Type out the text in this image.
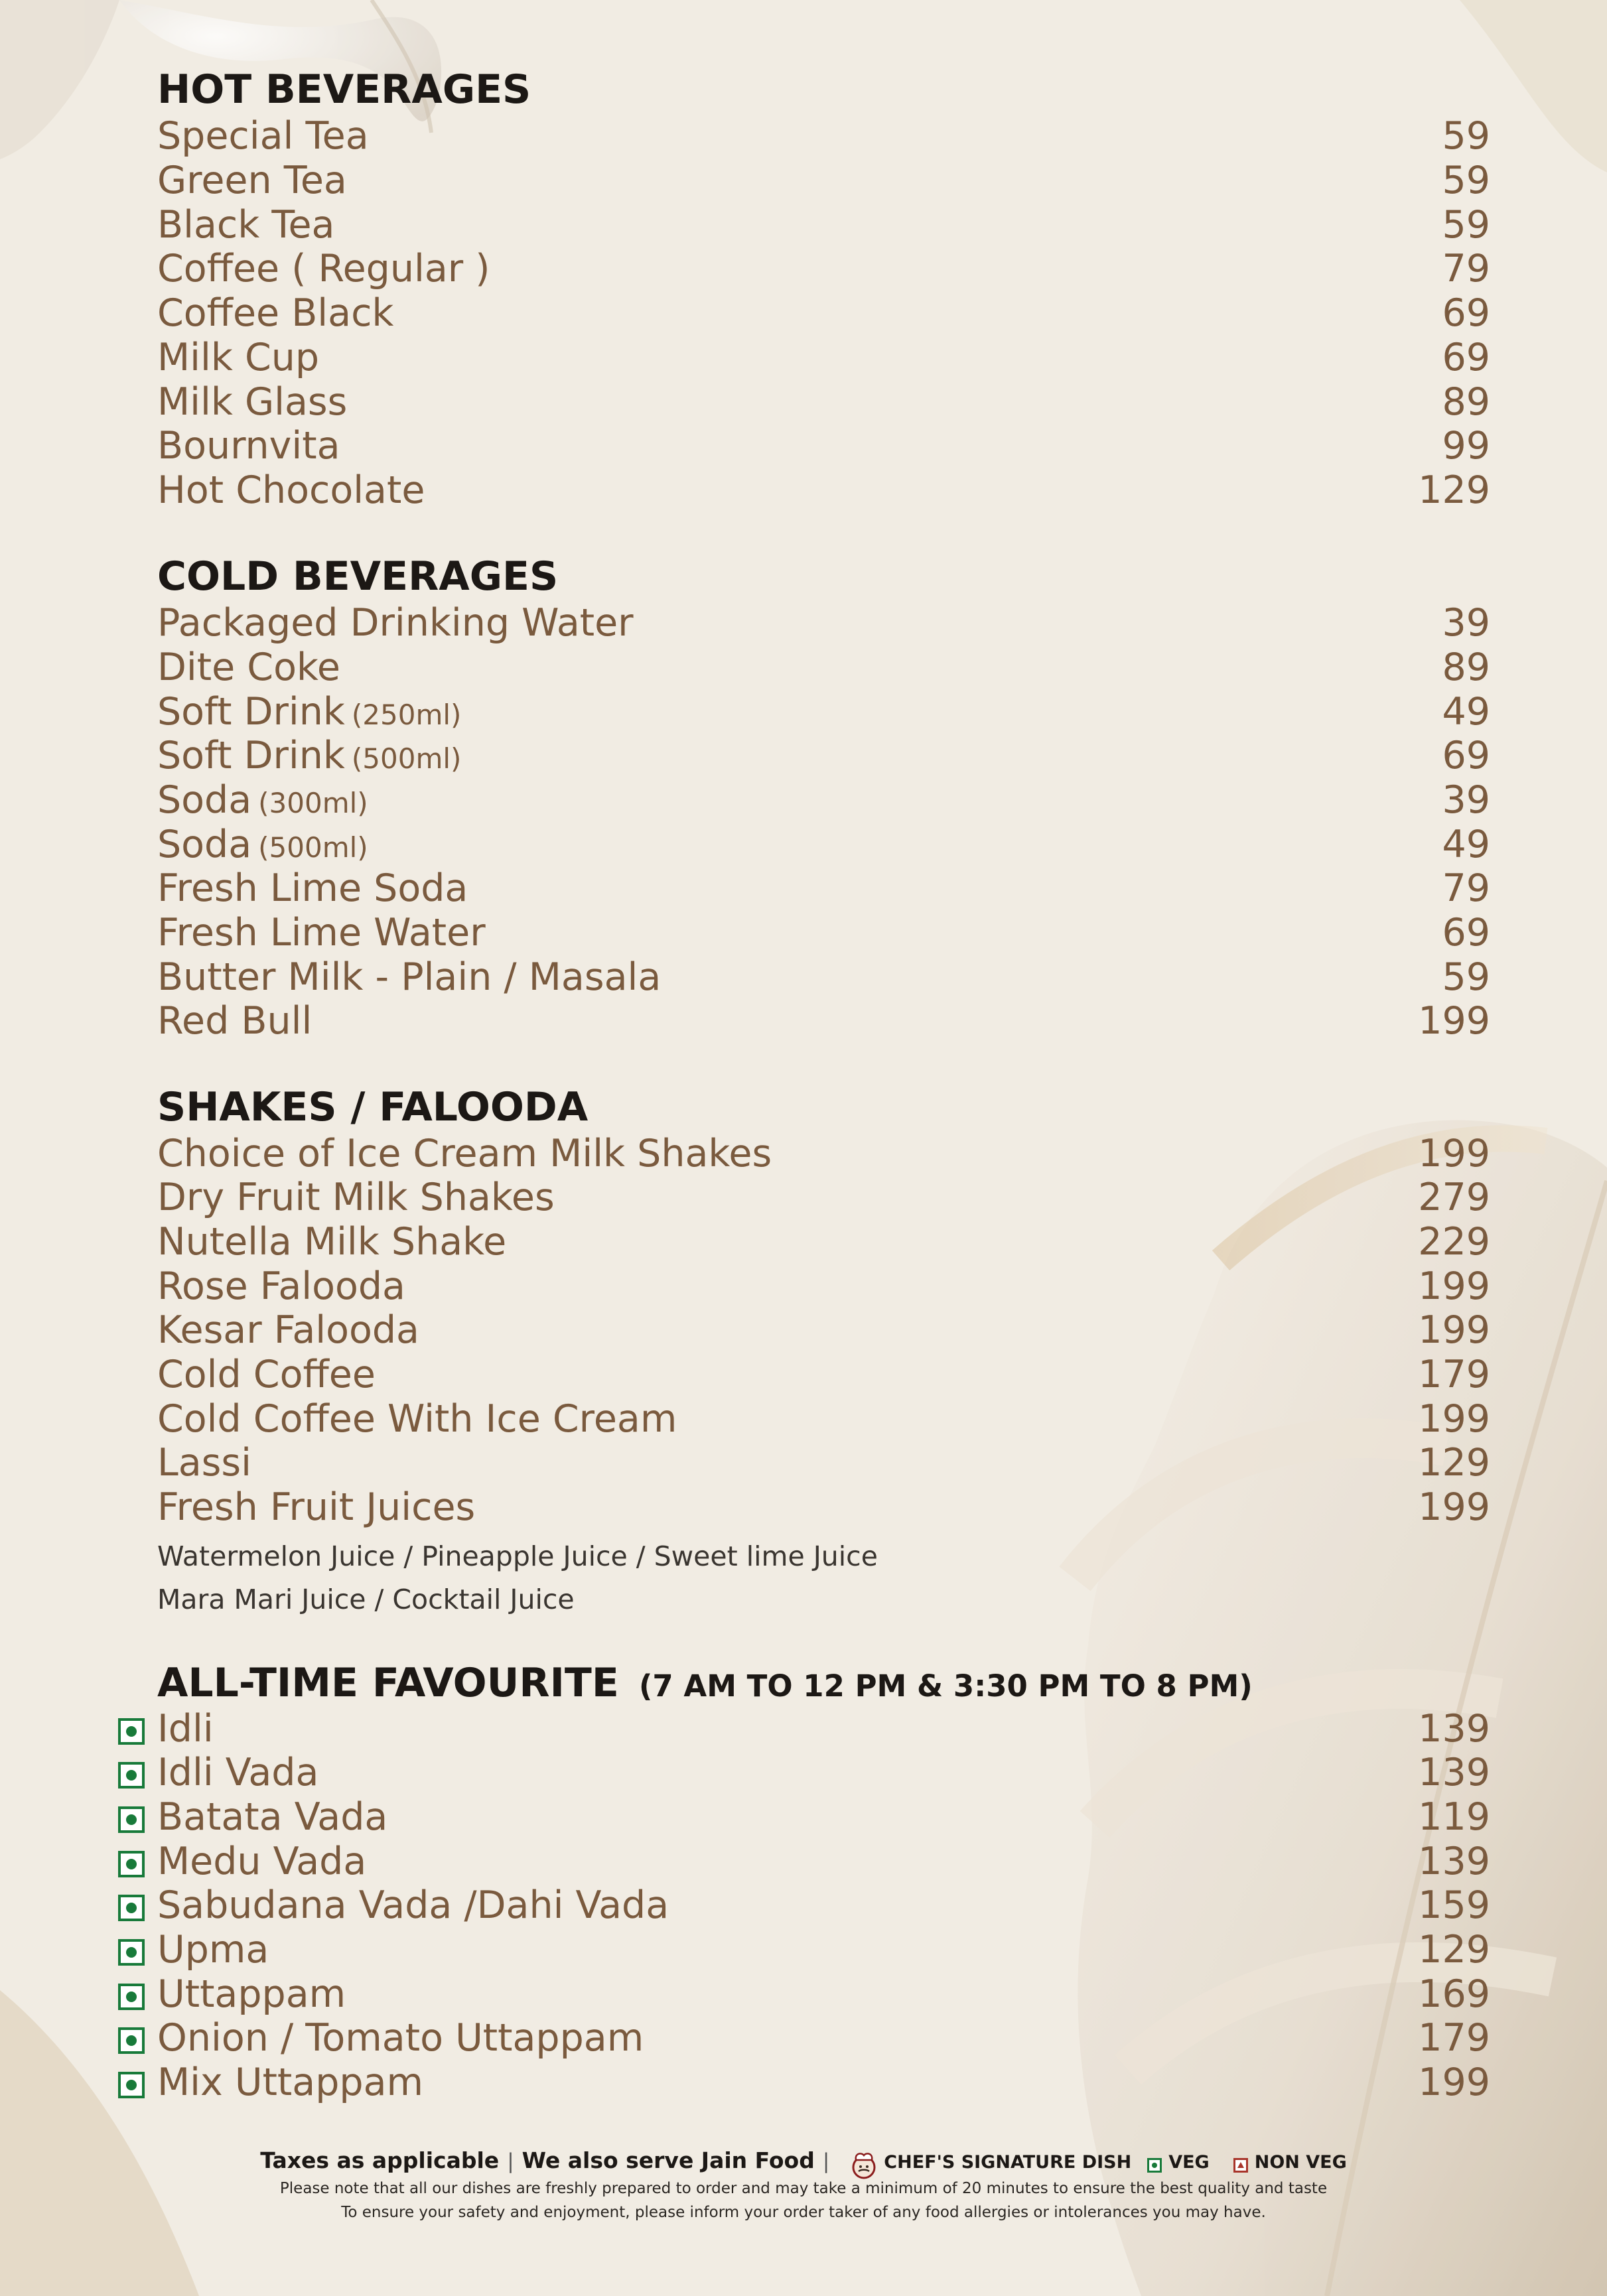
HOT BEVERAGES
Special Tea	59
Green Tea	59
Black Tea	59
Coffee ( Regular )	79
Coffee Black	69
Milk Cup	69
Milk Glass	89
Bournvita	99
Hot Chocolate	129
COLD BEVERAGES
Packaged Drinking Water	39
Dite Coke	89
Soft Drink (250ml)	49
Soft Drink (500ml)	69
Soda (300ml)	39
Soda (500ml)	49
Fresh Lime Soda	79
Fresh Lime Water	69
Butter Milk - Plain / Masala	59
Red Bull	199
SHAKES / FALOODA
Choice of Ice Cream Milk Shakes	199
Dry Fruit Milk Shakes	279
Nutella Milk Shake	229
Rose Falooda	199
Kesar Falooda	199
Cold Coffee	179
Cold Coffee With Ice Cream	199
Lassi	129
Fresh Fruit Juices	199
Watermelon Juice / Pineapple Juice / Sweet lime Juice
Mara Mari Juice / Cocktail Juice
ALL-TIME FAVOURITE (7 AM TO 12 PM & 3:30 PM TO 8 PM)
Idli	139
Idli Vada	139
Batata Vada	119
Medu Vada	139
Sabudana Vada /Dahi Vada	159
Upma	129
Uttappam	169
Onion / Tomato Uttappam	179
Mix Uttappam	199
Taxes as applicable | We also serve Jain Food |	CHEF'S SIGNATURE DISH VEG	NON VEG
Please note that all our dishes are freshly prepared to order and may take a minimum of 20 minutes to ensure the best quality and taste
To ensure your safety and enjoyment, please inform your order taker of any food allergies or intolerances you may have.
